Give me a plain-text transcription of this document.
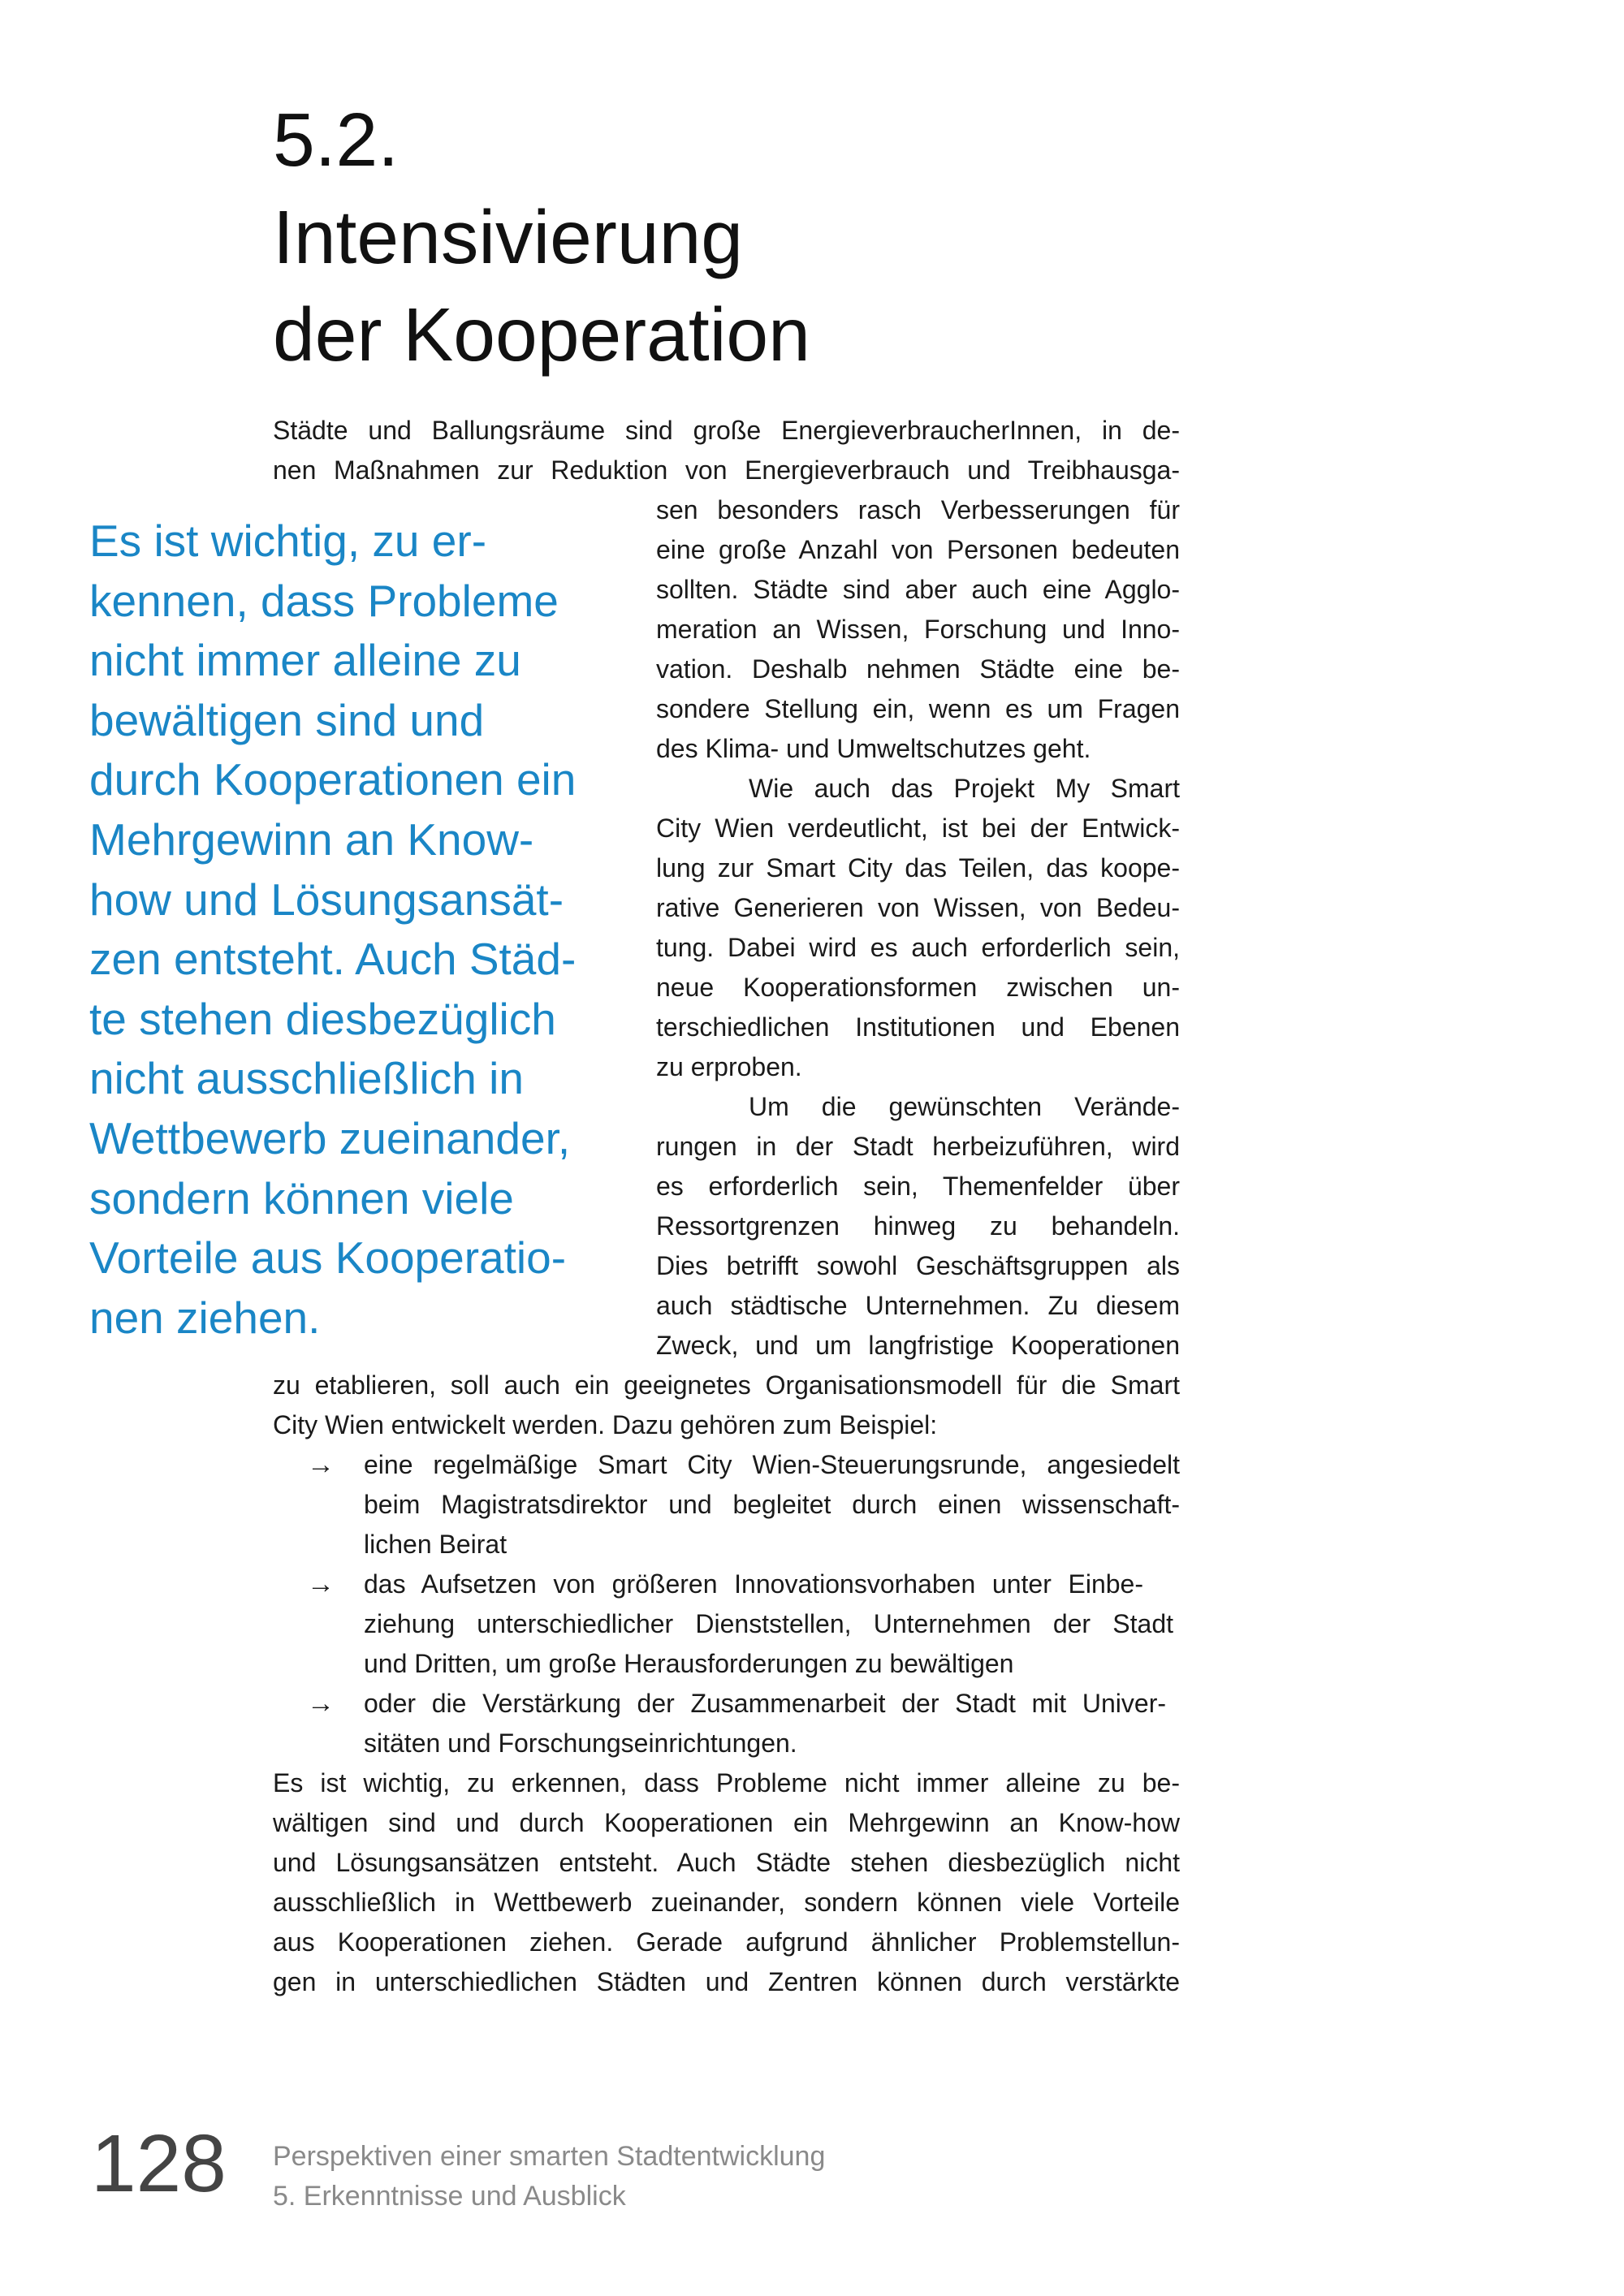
5.2.
Intensivierung
der Kooperation
Städte und Ballungsräume sind große EnergieverbraucherInnen, in de-
nen Maßnahmen zur Reduktion von Energieverbrauch und Treibhausga-
sen besonders rasch Verbesserungen für
eine große Anzahl von Personen bedeuten
sollten. Städte sind aber auch eine Agglo-
meration an Wissen, Forschung und Inno-
vation. Deshalb nehmen Städte eine be-
sondere Stellung ein, wenn es um Fragen
des Klima- und Umweltschutzes geht.
Wie auch das Projekt My Smart
City Wien verdeutlicht, ist bei der Entwick-
lung zur Smart City das Teilen, das koope-
rative Generieren von Wissen, von Bedeu-
tung. Dabei wird es auch erforderlich sein,
neue Kooperationsformen zwischen un-
terschiedlichen Institutionen und Ebenen
zu erproben.
Um die gewünschten Verände-
rungen in der Stadt herbeizuführen, wird
es erforderlich sein, Themenfelder über
Ressortgrenzen hinweg zu behandeln.
Dies betrifft sowohl Geschäftsgruppen als
auch städtische Unternehmen. Zu diesem
Zweck, und um langfristige Kooperationen
zu etablieren, soll auch ein geeignetes Organisationsmodell für die Smart
City Wien entwickelt werden. Dazu gehören zum Beispiel:
→ eine regelmäßige Smart City Wien-Steuerungsrunde, angesiedelt
beim Magistratsdirektor und begleitet durch einen wissenschaft-
lichen Beirat
→ das Aufsetzen von größeren Innovationsvorhaben unter Einbe-
ziehung unterschiedlicher Dienststellen, Unternehmen der Stadt
und Dritten, um große Herausforderungen zu bewältigen
→ oder die Verstärkung der Zusammenarbeit der Stadt mit Univer-
sitäten und Forschungseinrichtungen.
Es ist wichtig, zu erkennen, dass Probleme nicht immer alleine zu be-
wältigen sind und durch Kooperationen ein Mehrgewinn an Know-how
und Lösungsansätzen entsteht. Auch Städte stehen diesbezüglich nicht
ausschließlich in Wettbewerb zueinander, sondern können viele Vorteile
aus Kooperationen ziehen. Gerade aufgrund ähnlicher Problemstellun-
gen in unterschiedlichen Städten und Zentren können durch verstärkte
Es ist wichtig, zu er-
kennen, dass Probleme
nicht immer alleine zu
bewältigen sind und
durch Kooperationen ein
Mehrgewinn an Know-
how und Lösungsansät-
zen entsteht. Auch Städ-
te stehen diesbezüglich
nicht ausschließlich in
Wettbewerb zueinander,
sondern können viele
Vorteile aus Kooperatio-
nen ziehen.
128 Perspektiven einer smarten Stadtentwicklung
5. Erkenntnisse und Ausblick
